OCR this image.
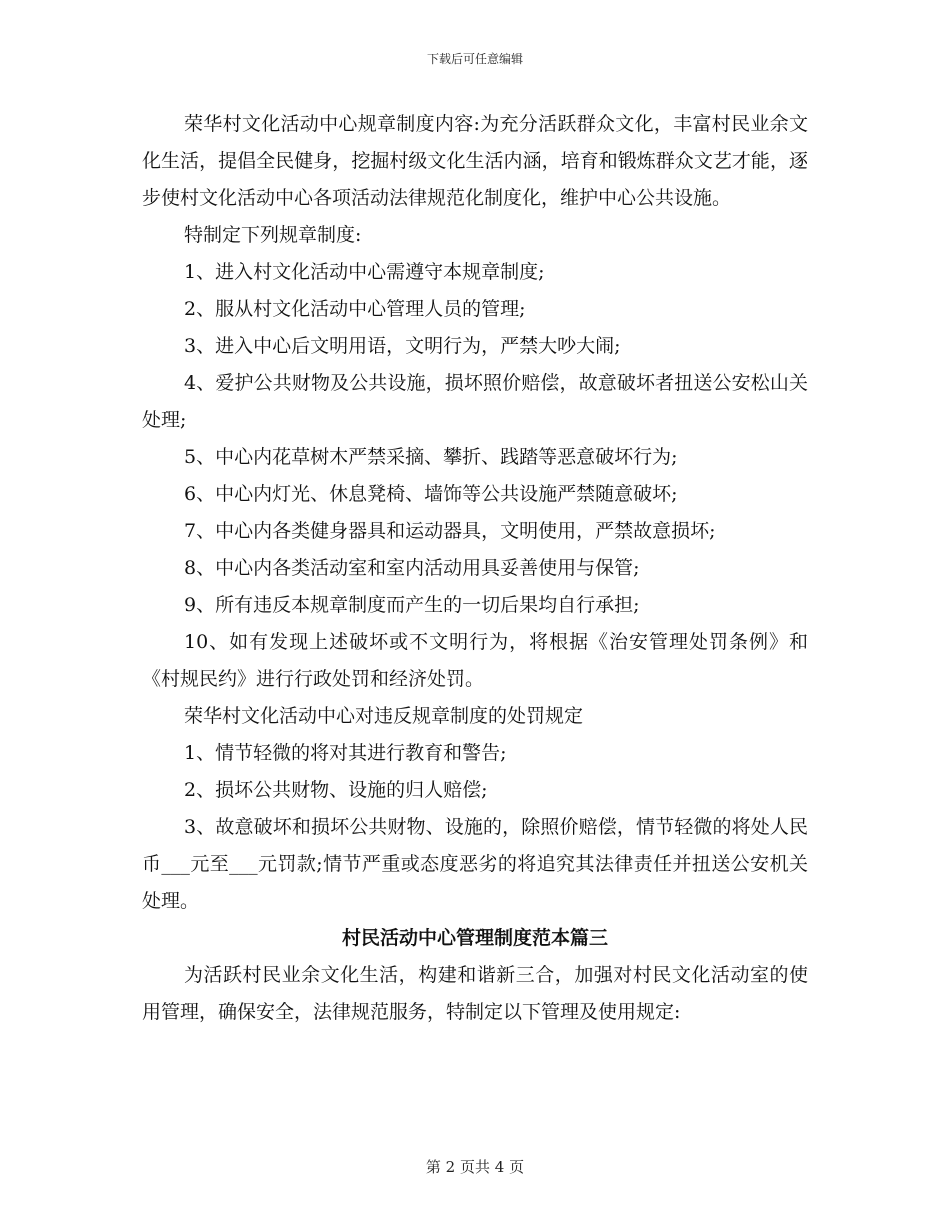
下载后可任意编辑

荣华村文化活动中心规章制度内容:为充分活跃群众文化，丰富村民业余文化生活，提倡全民健身，挖掘村级文化生活内涵，培育和锻炼群众文艺才能，逐步使村文化活动中心各项活动法律规范化制度化，维护中心公共设施。

特制定下列规章制度:

1、进入村文化活动中心需遵守本规章制度;

2、服从村文化活动中心管理人员的管理;

3、进入中心后文明用语，文明行为，严禁大吵大闹;

4、爱护公共财物及公共设施，损坏照价赔偿，故意破坏者扭送公安松山关处理;

5、中心内花草树木严禁采摘、攀折、践踏等恶意破坏行为;

6、中心内灯光、休息凳椅、墙饰等公共设施严禁随意破坏;

7、中心内各类健身器具和运动器具，文明使用，严禁故意损坏;

8、中心内各类活动室和室内活动用具妥善使用与保管;

9、所有违反本规章制度而产生的一切后果均自行承担;

10、如有发现上述破坏或不文明行为，将根据《治安管理处罚条例》和《村规民约》进行行政处罚和经济处罚。

荣华村文化活动中心对违反规章制度的处罚规定

1、情节轻微的将对其进行教育和警告;

2、损坏公共财物、设施的归人赔偿;

3、故意破坏和损坏公共财物、设施的，除照价赔偿，情节轻微的将处人民币___元至___元罚款;情节严重或态度恶劣的将追究其法律责任并扭送公安机关处理。

村民活动中心管理制度范本篇三

为活跃村民业余文化生活，构建和谐新三合，加强对村民文化活动室的使用管理，确保安全，法律规范服务，特制定以下管理及使用规定:

第 2 页共 4 页
